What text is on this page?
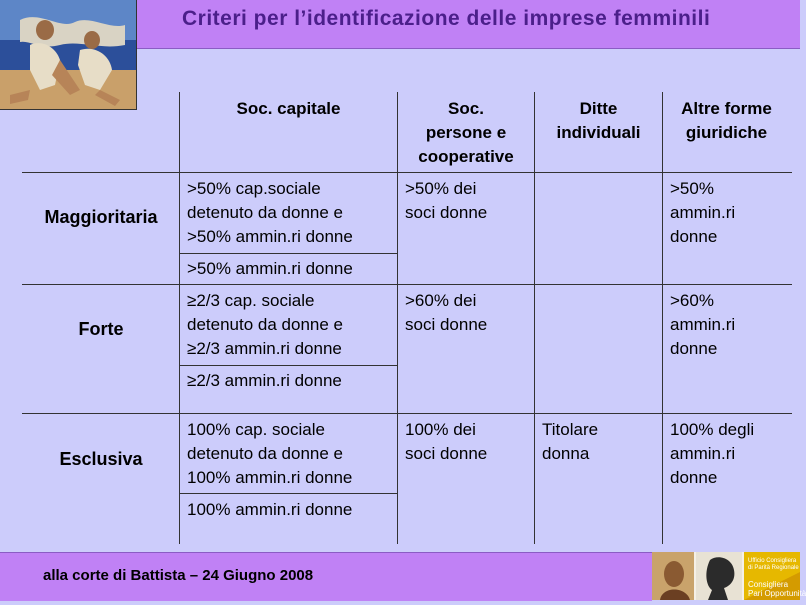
Criteri per l’identificazione delle imprese femminili
Soc. capitale	Soc.
persone e
cooperative
Ditte
individuali
Altre forme
giuridiche
Maggioritaria
>50% cap.sociale
detenuto da donne e
>50% ammin.ri donne
>50% ammin.ri donne
>50% dei
soci donne
>50%
ammin.ri
donne
Forte
≥2/3 cap. sociale
detenuto da donne e
≥2/3 ammin.ri donne
≥2/3 ammin.ri donne
>60% dei
soci donne
>60%
ammin.ri
donne
Esclusiva
100% cap. sociale
detenuto da donne e
100% ammin.ri donne
100% ammin.ri donne
100% dei
soci donne
Titolare
donna
100% degli
ammin.ri
donne
alla corte di Battista – 24 Giugno 2008
Ufficio Consigliera
di Parità Regionale
Consigliera
Pari Opportunità
